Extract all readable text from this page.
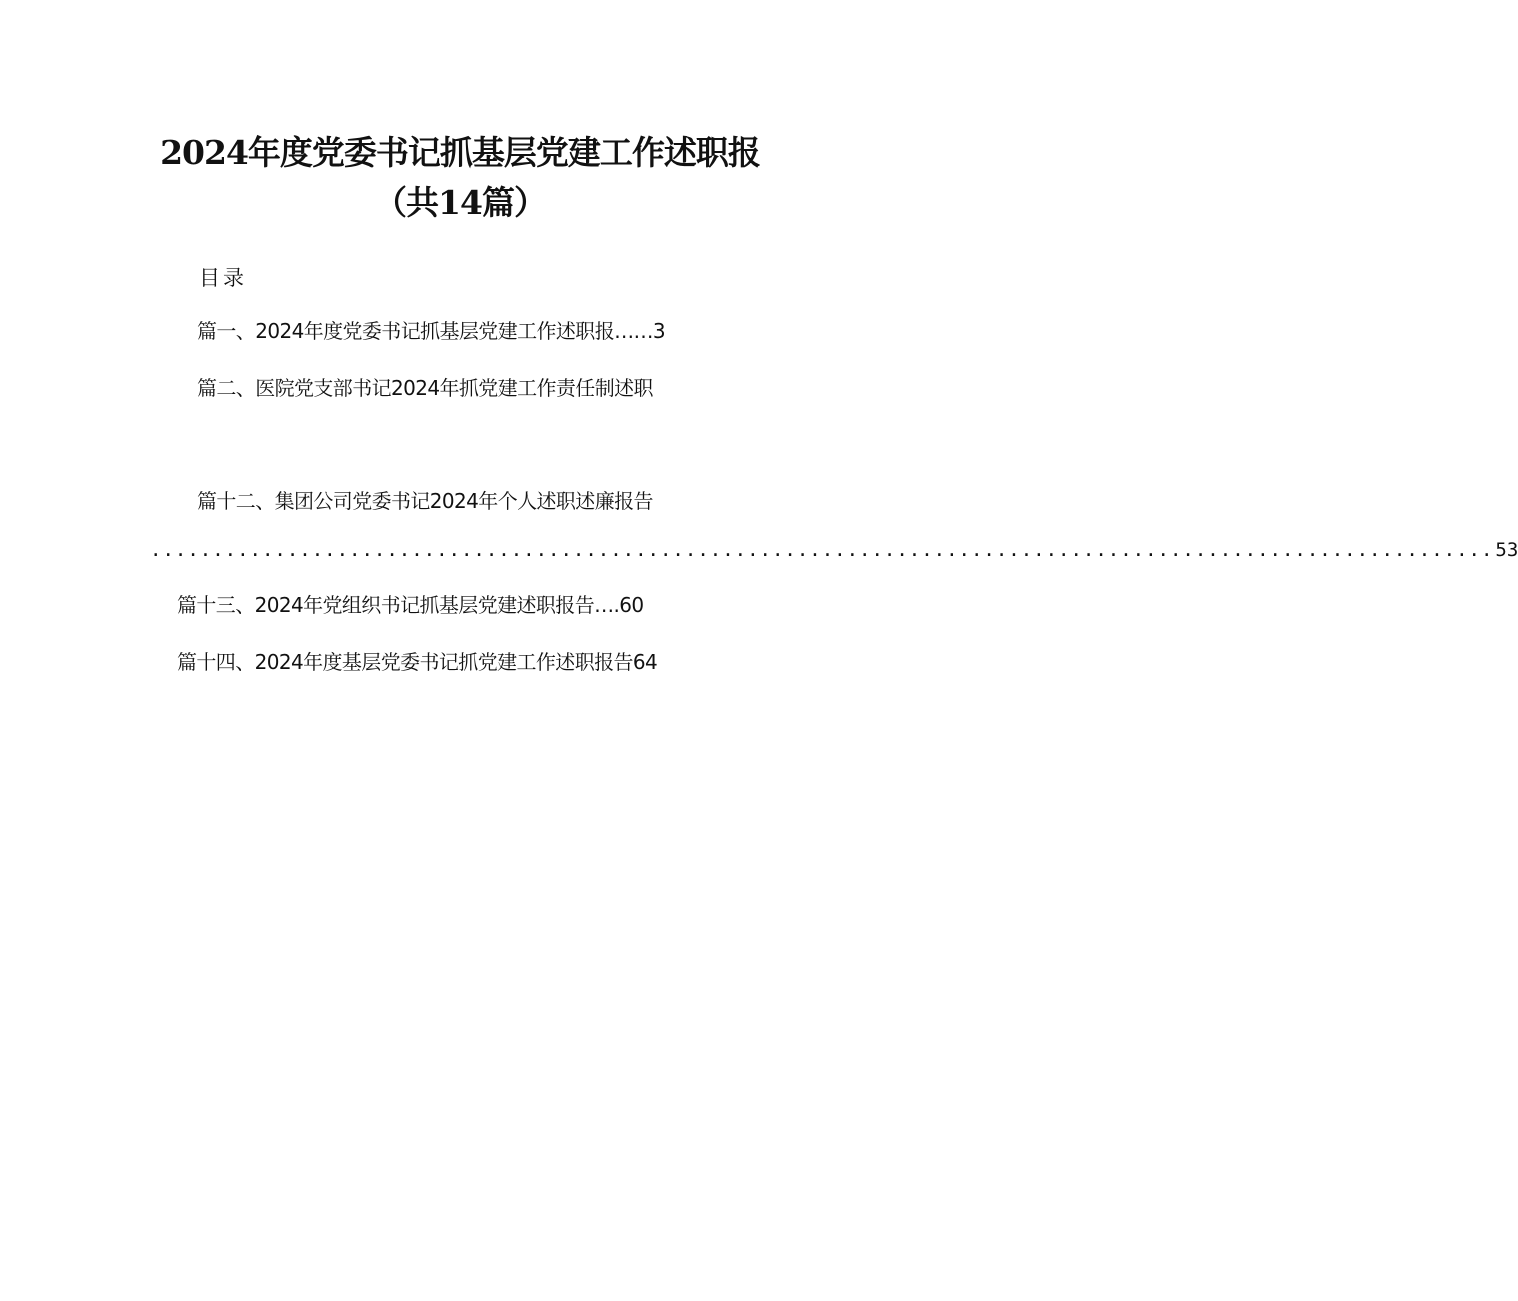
2024年度党委书记抓基层党建工作述职报
（共14篇）
目录
篇一、2024年度党委书记抓基层党建工作述职报……3
篇二、医院党支部书记2024年抓党建工作责任制述职
篇十二、集团公司党委书记2024年个人述职述廉报告
............................................................................................................ 53
篇十三、2024年党组织书记抓基层党建述职报告….60
篇十四、2024年度基层党委书记抓党建工作述职报告64
